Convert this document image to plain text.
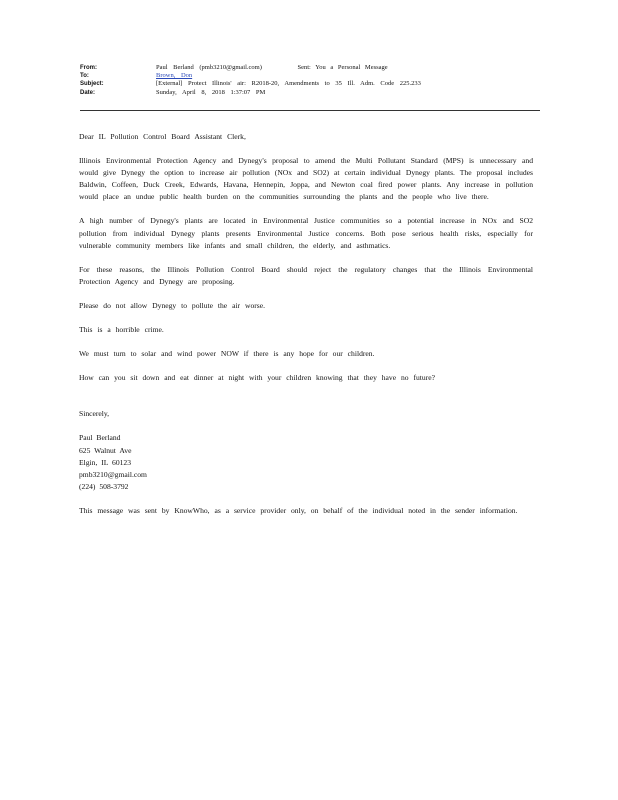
From:	Paul Berland (pmb3210@gmail.com)	Sent: You a Personal Message
To:	Brown, Don
Subject:	[External] Protect Illinois' air: R2018-20, Amendments to 35 Ill. Adm. Code 225.233
Date:	Sunday, April 8, 2018 1:37:07 PM

Dear IL Pollution Control Board Assistant Clerk,

Illinois Environmental Protection Agency and Dynegy's proposal to amend the Multi Pollutant Standard (MPS) is unnecessary and would give Dynegy the option to increase air pollution (NOx and SO2) at certain individual Dynegy plants. The proposal includes Baldwin, Coffeen, Duck Creek, Edwards, Havana, Hennepin, Joppa, and Newton coal fired power plants. Any increase in pollution would place an undue public health burden on the communities surrounding the plants and the people who live there.

A high number of Dynegy's plants are located in Environmental Justice communities so a potential increase in NOx and SO2 pollution from individual Dynegy plants presents Environmental Justice concerns. Both pose serious health risks, especially for vulnerable community members like infants and small children, the elderly, and asthmatics.

For these reasons, the Illinois Pollution Control Board should reject the regulatory changes that the Illinois Environmental Protection Agency and Dynegy are proposing.

Please do not allow Dynegy to pollute the air worse.

This is a horrible crime.

We must turn to solar and wind power NOW if there is any hope for our children.

How can you sit down and eat dinner at night with your children knowing that they have no future?

Sincerely,

Paul Berland

625 Walnut Ave

Elgin, IL 60123

pmb3210@gmail.com

(224) 508-3792

This message was sent by KnowWho, as a service provider only, on behalf of the individual noted in the sender information.
